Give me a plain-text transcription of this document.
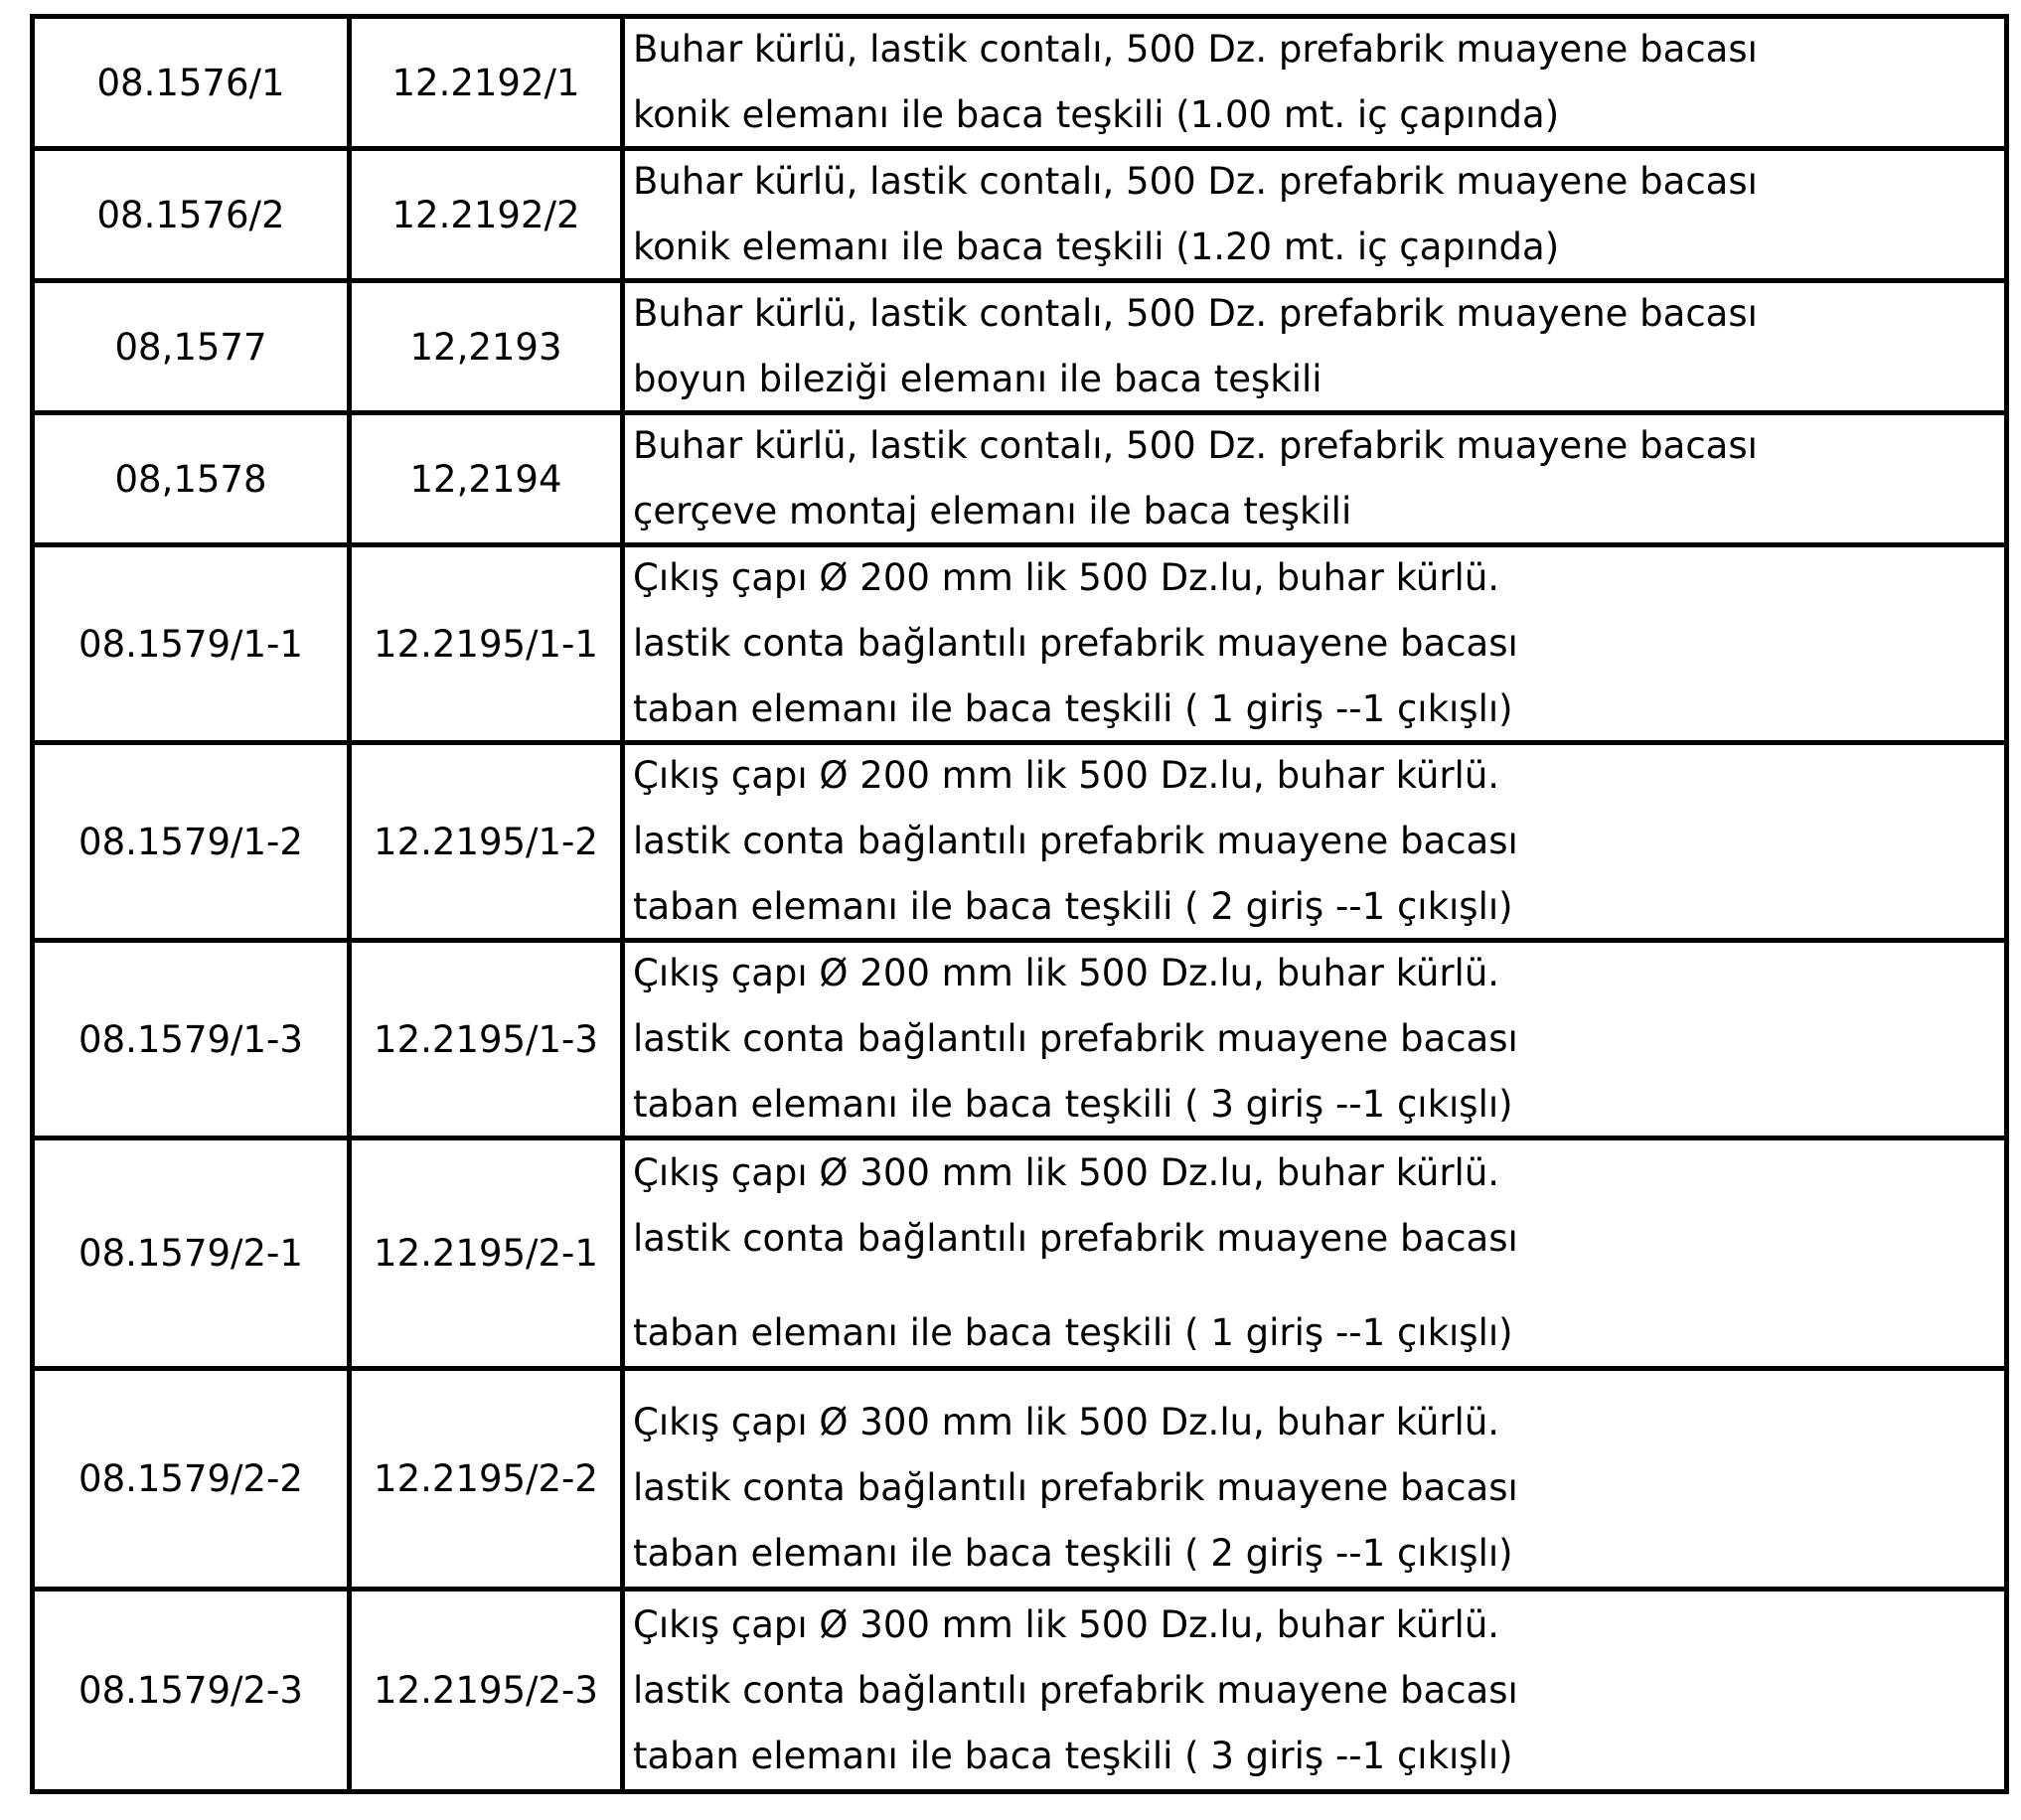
08.1576/1	12.2192/1
Buhar kürlü, lastik contalı, 500 Dz. prefabrik muayene bacası
konik elemanı ile baca teşkili (1.00 mt. iç çapında)
08.1576/2	12.2192/2
Buhar kürlü, lastik contalı, 500 Dz. prefabrik muayene bacası
konik elemanı ile baca teşkili (1.20 mt. iç çapında)
08,1577	12,2193
Buhar kürlü, lastik contalı, 500 Dz. prefabrik muayene bacası
boyun bileziği elemanı ile baca teşkili
08,1578	12,2194
Buhar kürlü, lastik contalı, 500 Dz. prefabrik muayene bacası
çerçeve montaj elemanı ile baca teşkili
08.1579/1-1	12.2195/1-1
Çıkış çapı Ø 200 mm lik 500 Dz.lu, buhar kürlü.
lastik conta bağlantılı prefabrik muayene bacası
taban elemanı ile baca teşkili ( 1 giriş --1 çıkışlı)
08.1579/1-2	12.2195/1-2
Çıkış çapı Ø 200 mm lik 500 Dz.lu, buhar kürlü.
lastik conta bağlantılı prefabrik muayene bacası
taban elemanı ile baca teşkili ( 2 giriş --1 çıkışlı)
08.1579/1-3	12.2195/1-3
Çıkış çapı Ø 200 mm lik 500 Dz.lu, buhar kürlü.
lastik conta bağlantılı prefabrik muayene bacası
taban elemanı ile baca teşkili ( 3 giriş --1 çıkışlı)
08.1579/2-1	12.2195/2-1
Çıkış çapı Ø 300 mm lik 500 Dz.lu, buhar kürlü.
lastik conta bağlantılı prefabrik muayene bacası
taban elemanı ile baca teşkili ( 1 giriş --1 çıkışlı)
08.1579/2-2	12.2195/2-2
Çıkış çapı Ø 300 mm lik 500 Dz.lu, buhar kürlü.
lastik conta bağlantılı prefabrik muayene bacası
taban elemanı ile baca teşkili ( 2 giriş --1 çıkışlı)
08.1579/2-3	12.2195/2-3
Çıkış çapı Ø 300 mm lik 500 Dz.lu, buhar kürlü.
lastik conta bağlantılı prefabrik muayene bacası
taban elemanı ile baca teşkili ( 3 giriş --1 çıkışlı)
